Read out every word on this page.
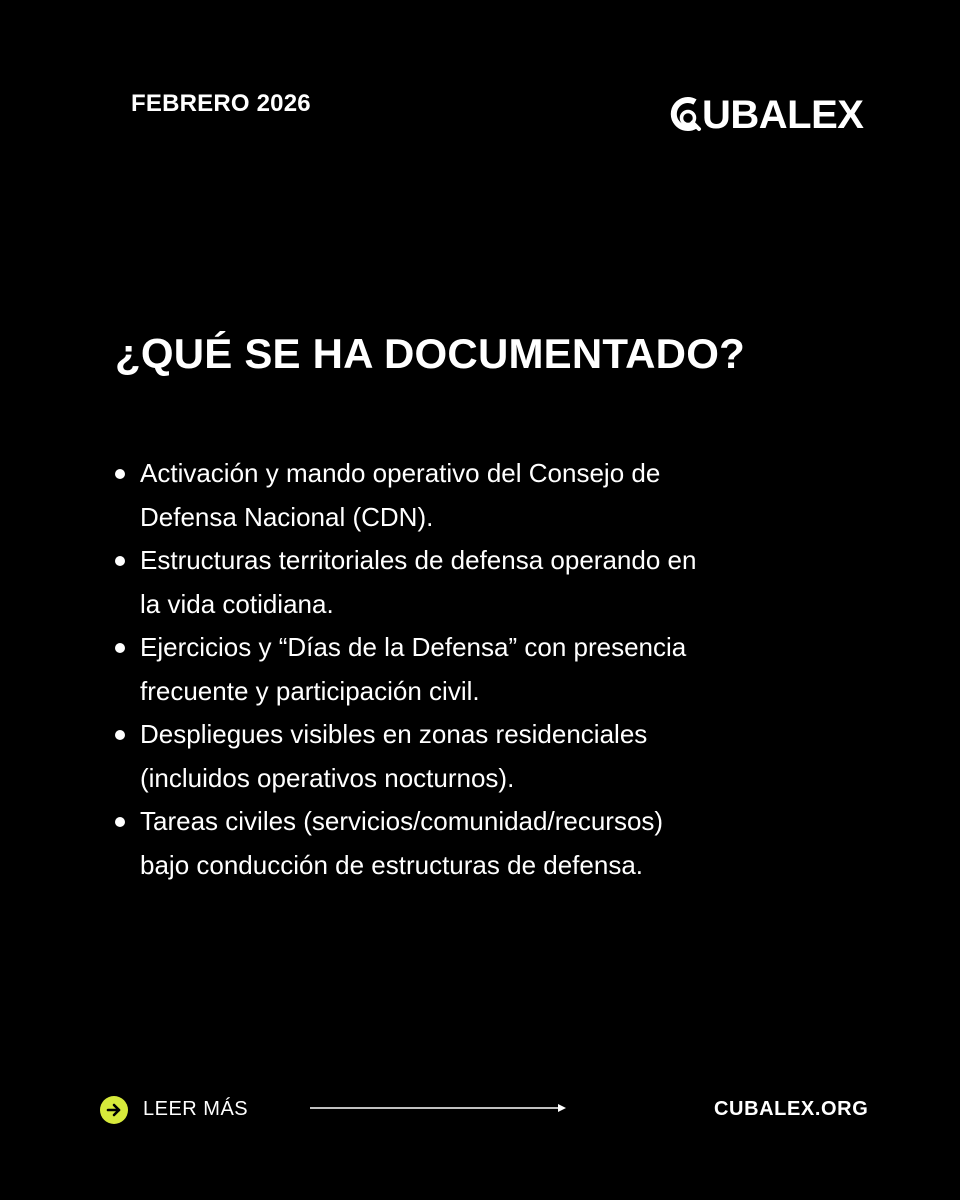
FEBRERO 2026	UBALEX
¿QUÉ SE HA DOCUMENTADO?
Activación y mando operativo del Consejo de
Defensa Nacional (CDN).
Estructuras territoriales de defensa operando en
la vida cotidiana.
Ejercicios y “Días de la Defensa” con presencia
frecuente y participación civil.
Despliegues visibles en zonas residenciales
(incluidos operativos nocturnos).
Tareas civiles (servicios/comunidad/recursos)
bajo conducción de estructuras de defensa.
LEER MÁS	CUBALEX.ORG
